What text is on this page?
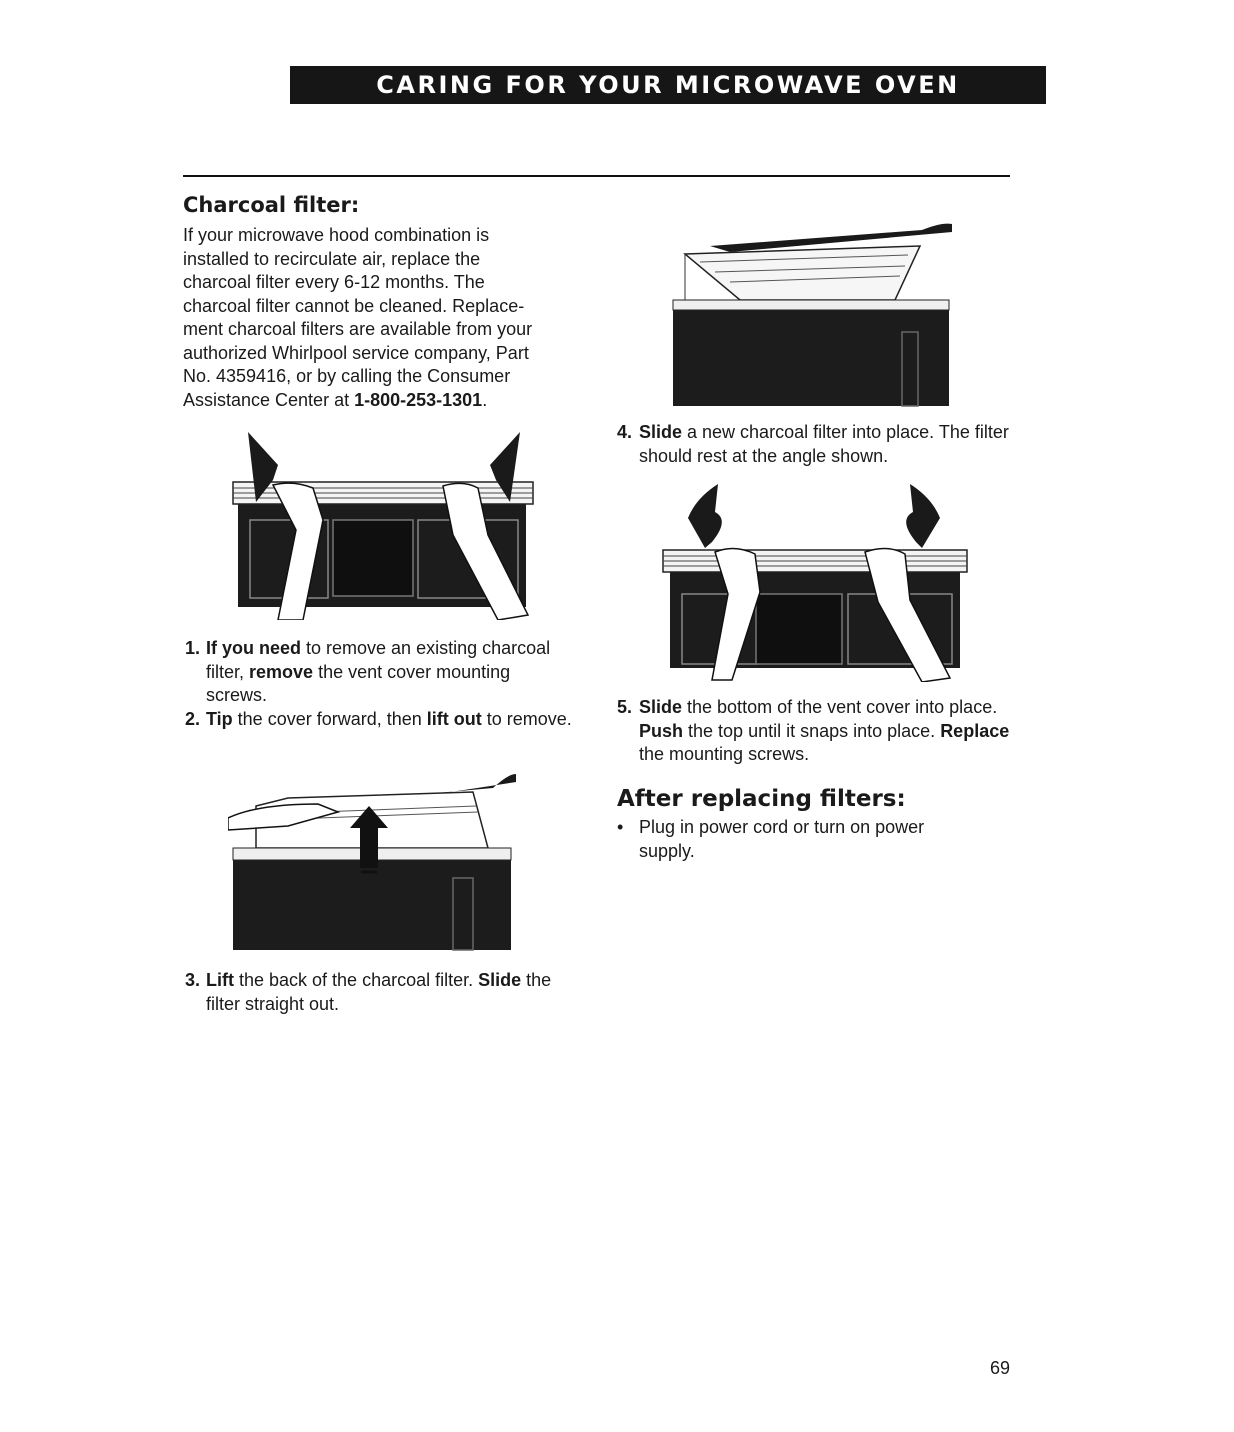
CARING FOR YOUR MICROWAVE OVEN
Charcoal filter:
If your microwave hood combination is
installed to recirculate air, replace the
charcoal filter every 6-12 months. The
charcoal filter cannot be cleaned. Replace-
ment charcoal filters are available from your
authorized Whirlpool service company, Part
No. 4359416, or by calling the Consumer
Assistance Center at 1-800-253-1301.
1. If you need to remove an existing charcoal filter, remove the vent cover mounting screws.
2. Tip the cover forward, then lift out to remove.
3. Lift the back of the charcoal filter. Slide the filter straight out.
4. Slide a new charcoal filter into place. The filter should rest at the angle shown.
5. Slide the bottom of the vent cover into place. Push the top until it snaps into place. Replace the mounting screws.
After replacing filters:
• Plug in power cord or turn on power supply.
69
